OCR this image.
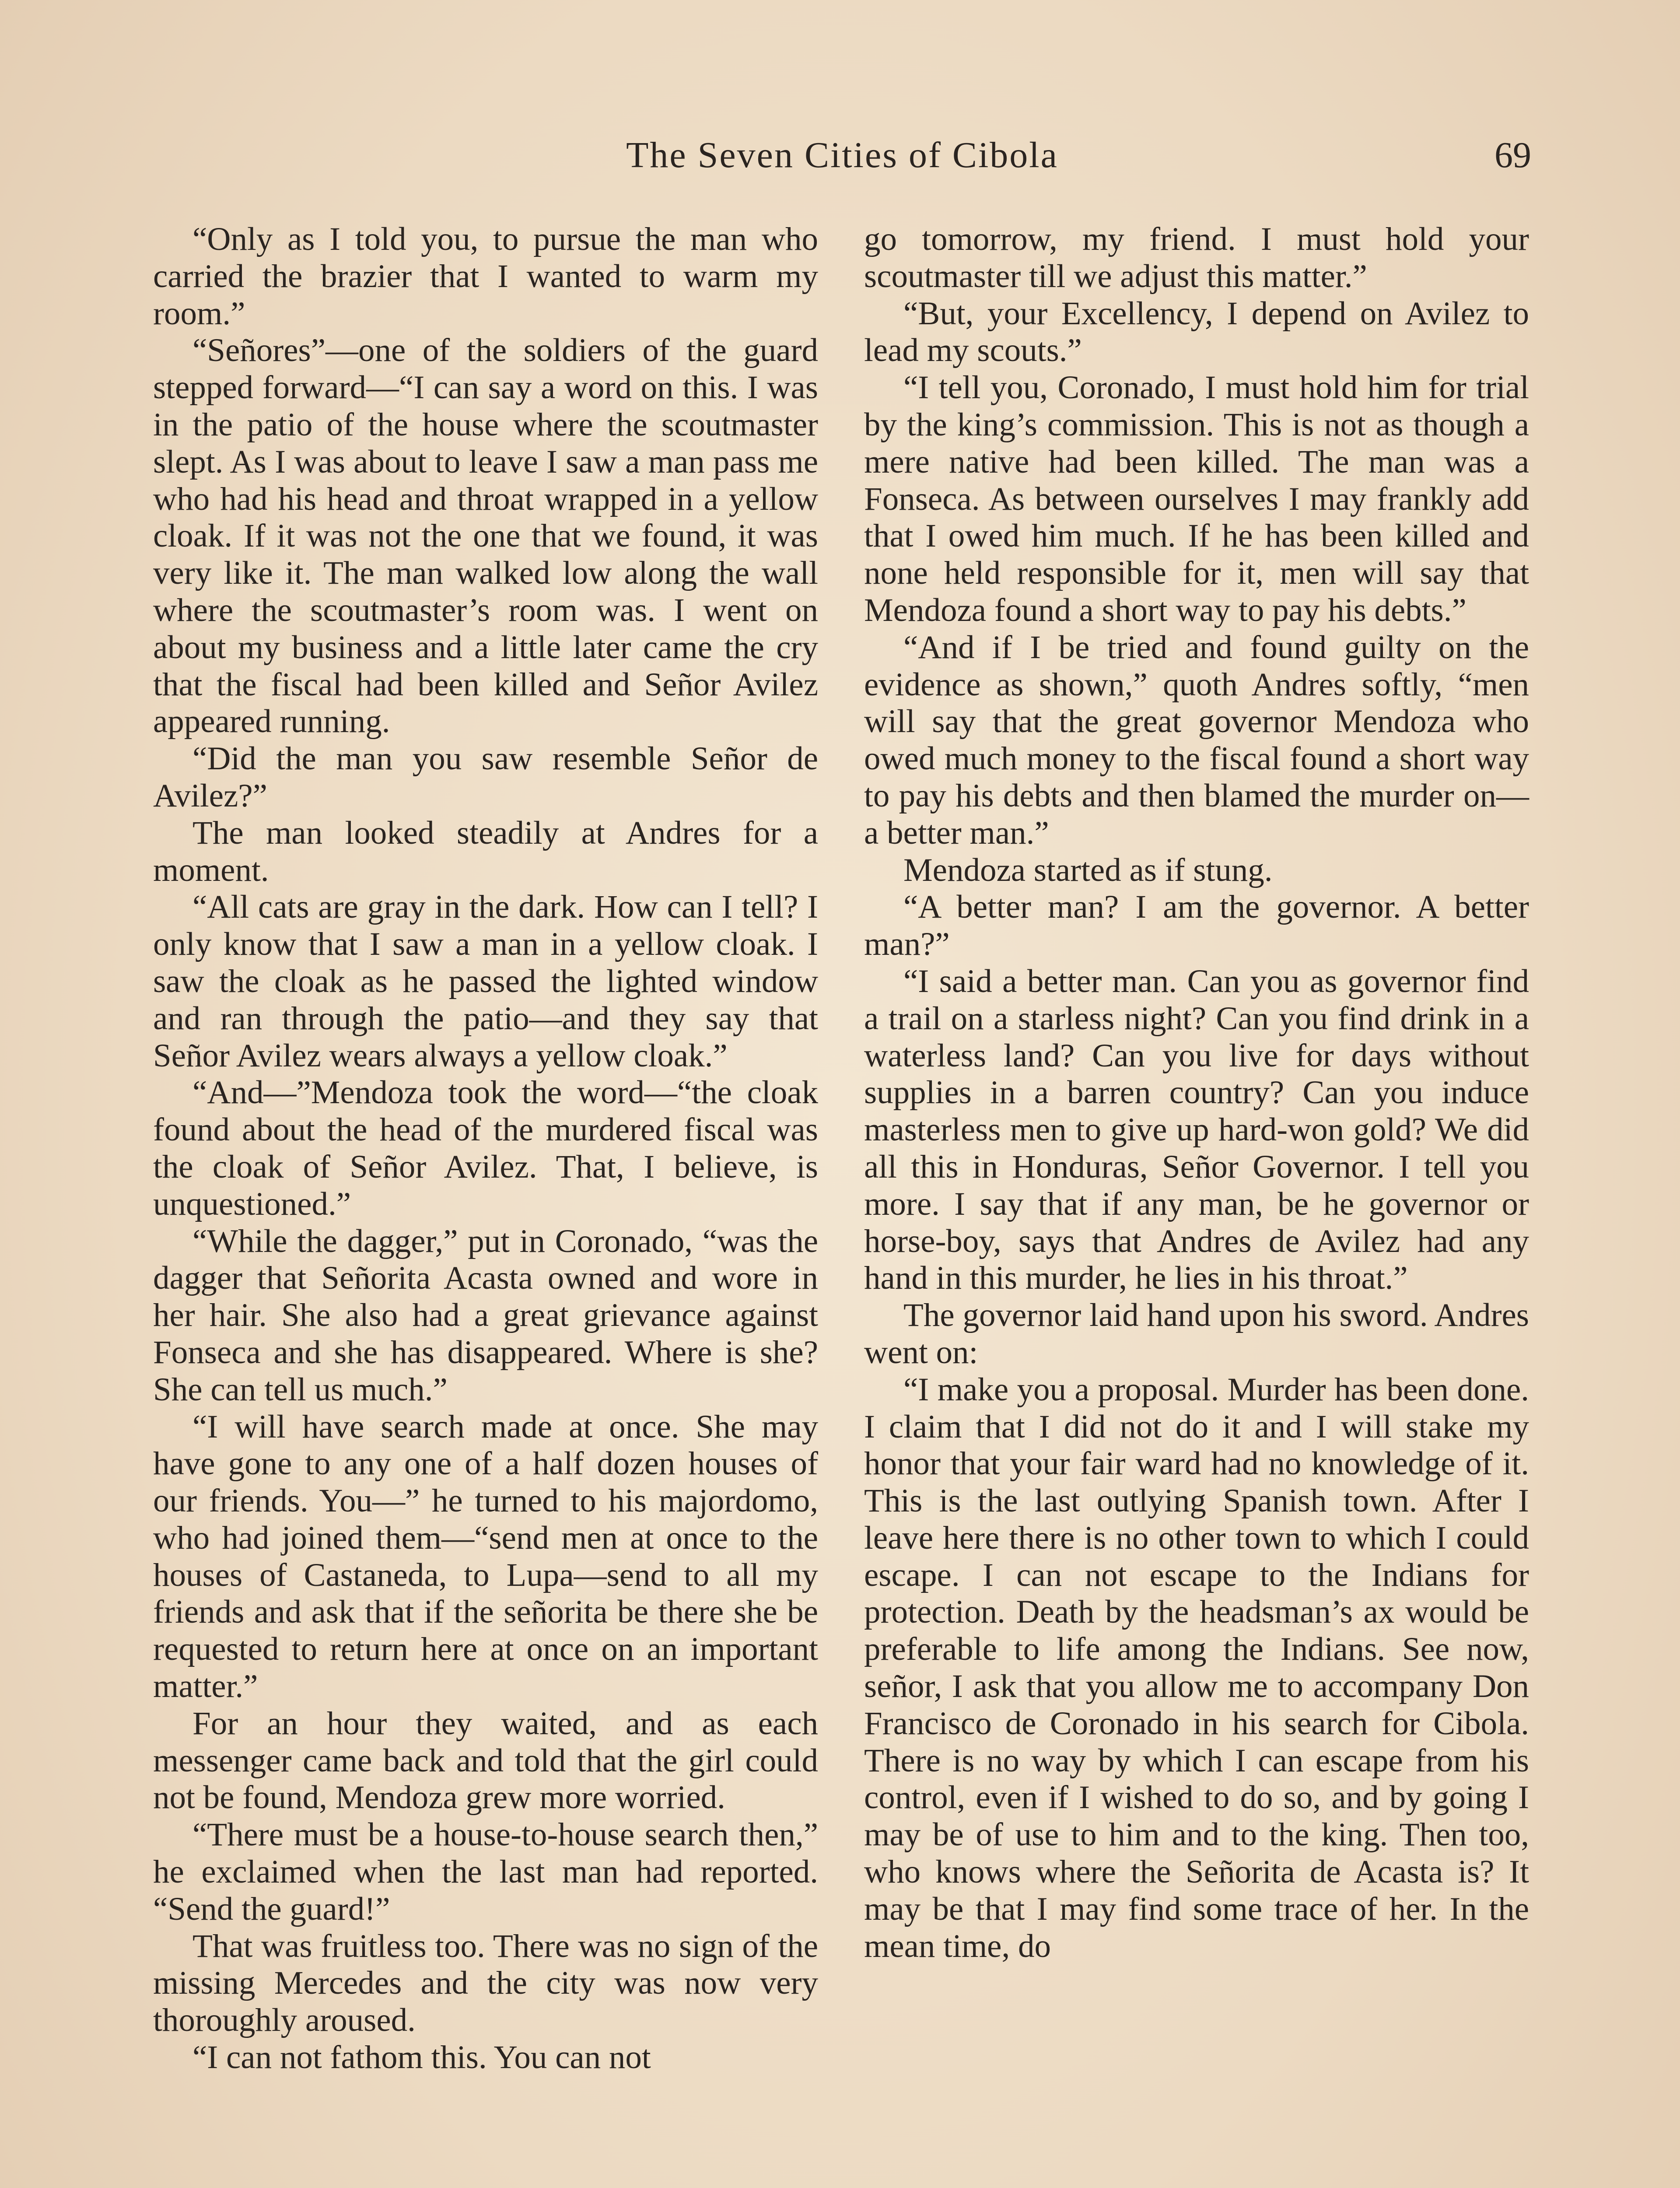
The Seven Cities of Cibola	69

“Only as I told you, to pursue the man who carried the brazier that I wanted to warm my room.”

“Señores”—one of the soldiers of the guard stepped forward—“I can say a word on this. I was in the patio of the house where the scoutmaster slept. As I was about to leave I saw a man pass me who had his head and throat wrapped in a yellow cloak. If it was not the one that we found, it was very like it. The man walked low along the wall where the scoutmaster’s room was. I went on about my business and a little later came the cry that the fiscal had been killed and Señor Avilez appeared running.

“Did the man you saw resemble Señor de Avilez?”

The man looked steadily at Andres for a moment.

“All cats are gray in the dark. How can I tell? I only know that I saw a man in a yellow cloak. I saw the cloak as he passed the lighted window and ran through the patio—and they say that Señor Avilez wears always a yellow cloak.”

“And—”Mendoza took the word—“the cloak found about the head of the murdered fiscal was the cloak of Señor Avilez. That, I believe, is unquestioned.”

“While the dagger,” put in Coronado, “was the dagger that Señorita Acasta owned and wore in her hair. She also had a great grievance against Fonseca and she has disappeared. Where is she? She can tell us much.”

“I will have search made at once. She may have gone to any one of a half dozen houses of our friends. You—” he turned to his majordomo, who had joined them—“send men at once to the houses of Castaneda, to Lupa—send to all my friends and ask that if the señorita be there she be requested to return here at once on an important matter.”

For an hour they waited, and as each messenger came back and told that the girl could not be found, Mendoza grew more worried.

“There must be a house-to-house search then,” he exclaimed when the last man had reported. “Send the guard!”

That was fruitless too. There was no sign of the missing Mercedes and the city was now very thoroughly aroused.

“I can not fathom this. You can not

go tomorrow, my friend. I must hold your scoutmaster till we adjust this matter.”

“But, your Excellency, I depend on Avilez to lead my scouts.”

“I tell you, Coronado, I must hold him for trial by the king’s commission. This is not as though a mere native had been killed. The man was a Fonseca. As between ourselves I may frankly add that I owed him much. If he has been killed and none held responsible for it, men will say that Mendoza found a short way to pay his debts.”

“And if I be tried and found guilty on the evidence as shown,” quoth Andres softly, “men will say that the great governor Mendoza who owed much money to the fiscal found a short way to pay his debts and then blamed the murder on—a better man.”

Mendoza started as if stung.

“A better man? I am the governor. A better man?”

“I said a better man. Can you as governor find a trail on a starless night? Can you find drink in a waterless land? Can you live for days without supplies in a barren country? Can you induce masterless men to give up hard-won gold? We did all this in Honduras, Señor Governor. I tell you more. I say that if any man, be he governor or horse-boy, says that Andres de Avilez had any hand in this murder, he lies in his throat.”

The governor laid hand upon his sword. Andres went on:

“I make you a proposal. Murder has been done. I claim that I did not do it and I will stake my honor that your fair ward had no knowledge of it. This is the last outlying Spanish town. After I leave here there is no other town to which I could escape. I can not escape to the Indians for protection. Death by the headsman’s ax would be preferable to life among the Indians. See now, señor, I ask that you allow me to accompany Don Francisco de Coronado in his search for Cibola. There is no way by which I can escape from his control, even if I wished to do so, and by going I may be of use to him and to the king. Then too, who knows where the Señorita de Acasta is? It may be that I may find some trace of her. In the mean time, do
